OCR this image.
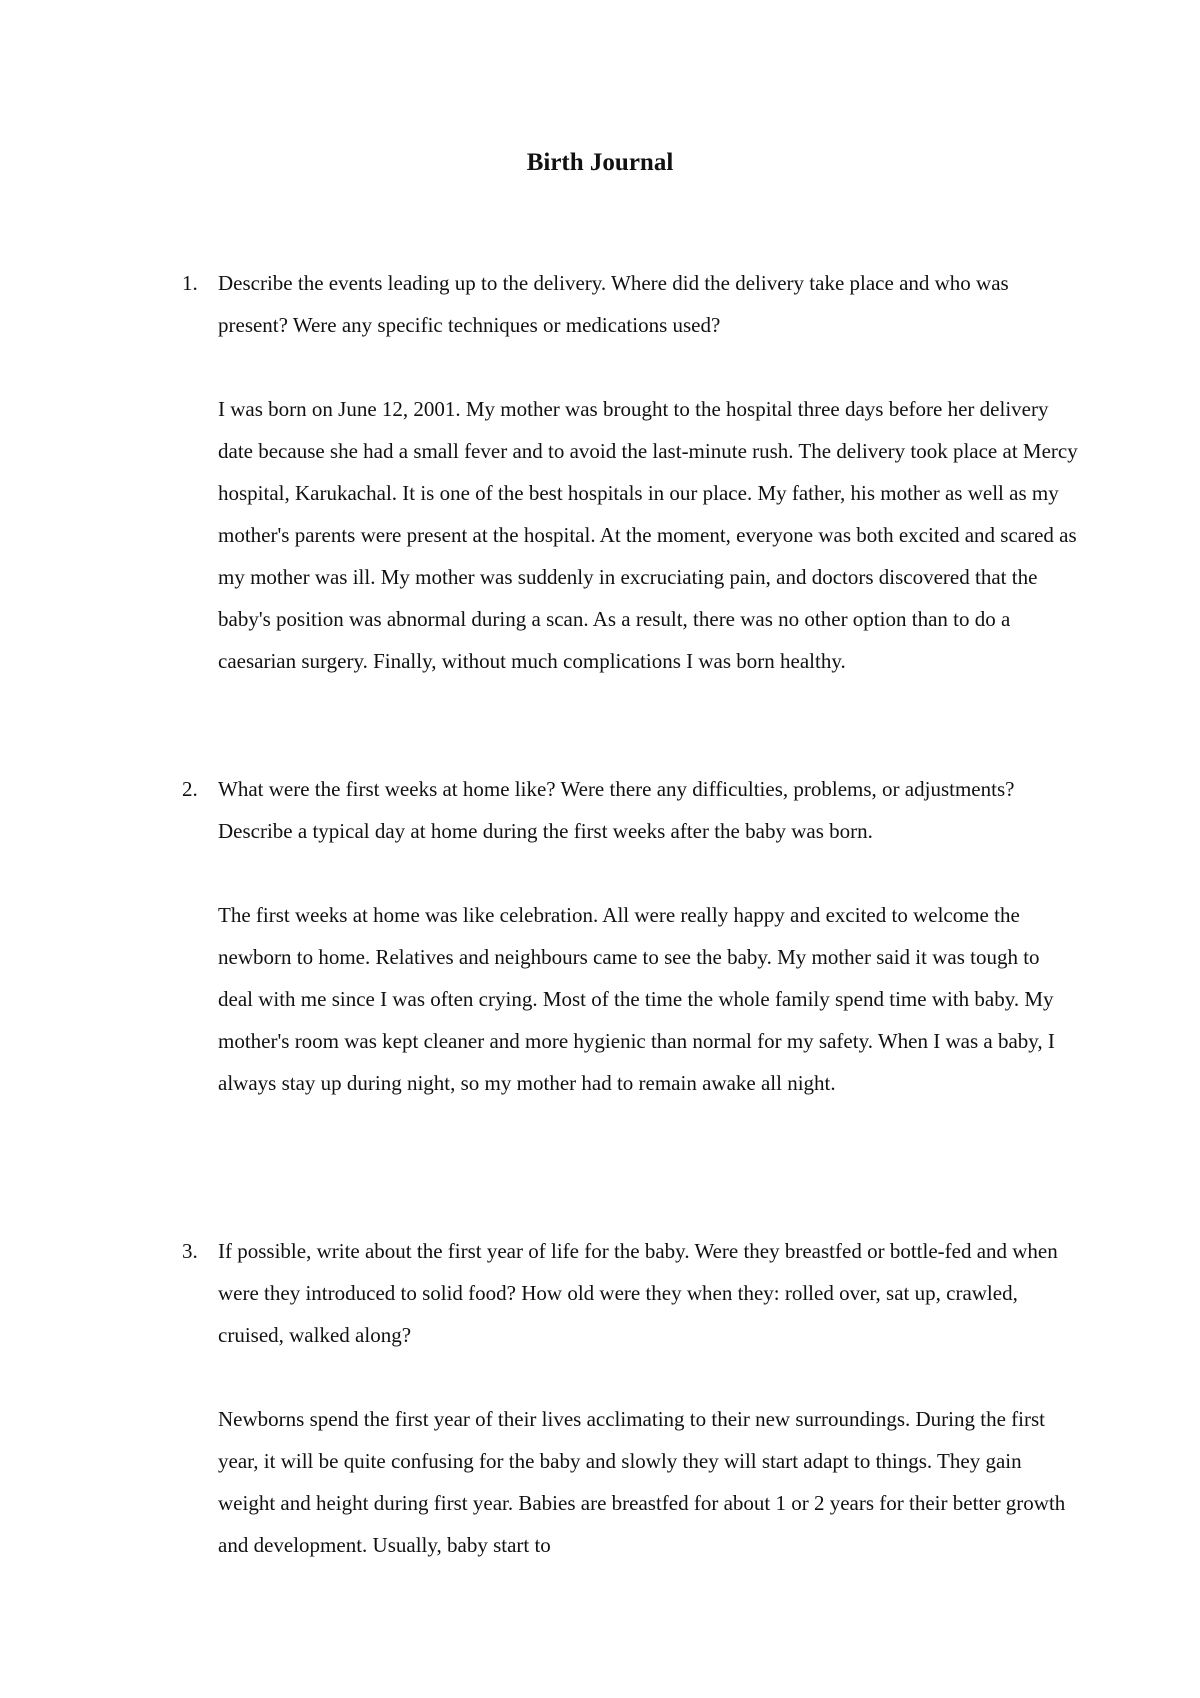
Birth Journal
1. Describe the events leading up to the delivery. Where did the delivery take place and who was present? Were any specific techniques or medications used?

I was born on June 12, 2001. My mother was brought to the hospital three days before her delivery date because she had a small fever and to avoid the last-minute rush. The delivery took place at Mercy hospital, Karukachal. It is one of the best hospitals in our place. My father, his mother as well as my mother's parents were present at the hospital. At the moment, everyone was both excited and scared as my mother was ill. My mother was suddenly in excruciating pain, and doctors discovered that the baby's position was abnormal during a scan. As a result, there was no other option than to do a caesarian surgery. Finally, without much complications I was born healthy.

2. What were the first weeks at home like? Were there any difficulties, problems, or adjustments? Describe a typical day at home during the first weeks after the baby was born.

The first weeks at home was like celebration. All were really happy and excited to welcome the newborn to home. Relatives and neighbours came to see the baby. My mother said it was tough to deal with me since I was often crying. Most of the time the whole family spend time with baby. My mother's room was kept cleaner and more hygienic than normal for my safety. When I was a baby, I always stay up during night, so my mother had to remain awake all night.

3. If possible, write about the first year of life for the baby. Were they breastfed or bottle-fed and when were they introduced to solid food? How old were they when they: rolled over, sat up, crawled, cruised, walked along?

Newborns spend the first year of their lives acclimating to their new surroundings. During the first year, it will be quite confusing for the baby and slowly they will start adapt to things. They gain weight and height during first year. Babies are breastfed for about 1 or 2 years for their better growth and development. Usually, baby start to
